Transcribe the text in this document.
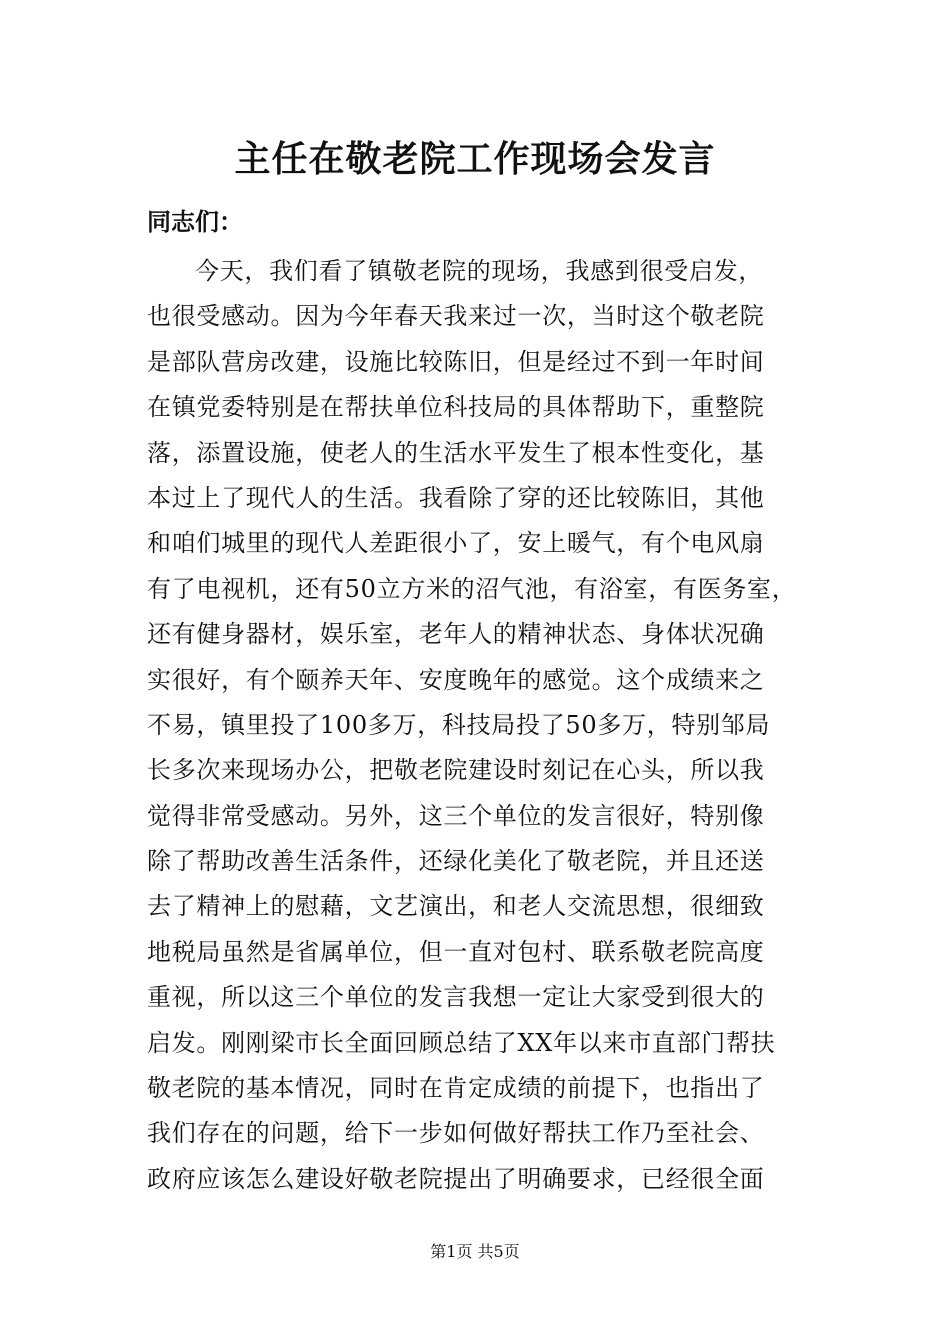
主任在敬老院工作现场会发言
同志们：
今天，我们看了镇敬老院的现场，我感到很受启发，
也很受感动。因为今年春天我来过一次，当时这个敬老院
是部队营房改建，设施比较陈旧，但是经过不到一年时间
在镇党委特别是在帮扶单位科技局的具体帮助下，重整院
落，添置设施，使老人的生活水平发生了根本性变化，基
本过上了现代人的生活。我看除了穿的还比较陈旧，其他
和咱们城里的现代人差距很小了，安上暖气，有个电风扇
有了电视机，还有50立方米的沼气池，有浴室，有医务室，
还有健身器材，娱乐室，老年人的精神状态、身体状况确
实很好，有个颐养天年、安度晚年的感觉。这个成绩来之
不易，镇里投了100多万，科技局投了50多万，特别邹局
长多次来现场办公，把敬老院建设时刻记在心头，所以我
觉得非常受感动。另外，这三个单位的发言很好，特别像
除了帮助改善生活条件，还绿化美化了敬老院，并且还送
去了精神上的慰藉，文艺演出，和老人交流思想，很细致
地税局虽然是省属单位，但一直对包村、联系敬老院高度
重视，所以这三个单位的发言我想一定让大家受到很大的
启发。刚刚梁市长全面回顾总结了XX年以来市直部门帮扶
敬老院的基本情况，同时在肯定成绩的前提下，也指出了
我们存在的问题，给下一步如何做好帮扶工作乃至社会、
政府应该怎么建设好敬老院提出了明确要求，已经很全面
第1页 共5页
